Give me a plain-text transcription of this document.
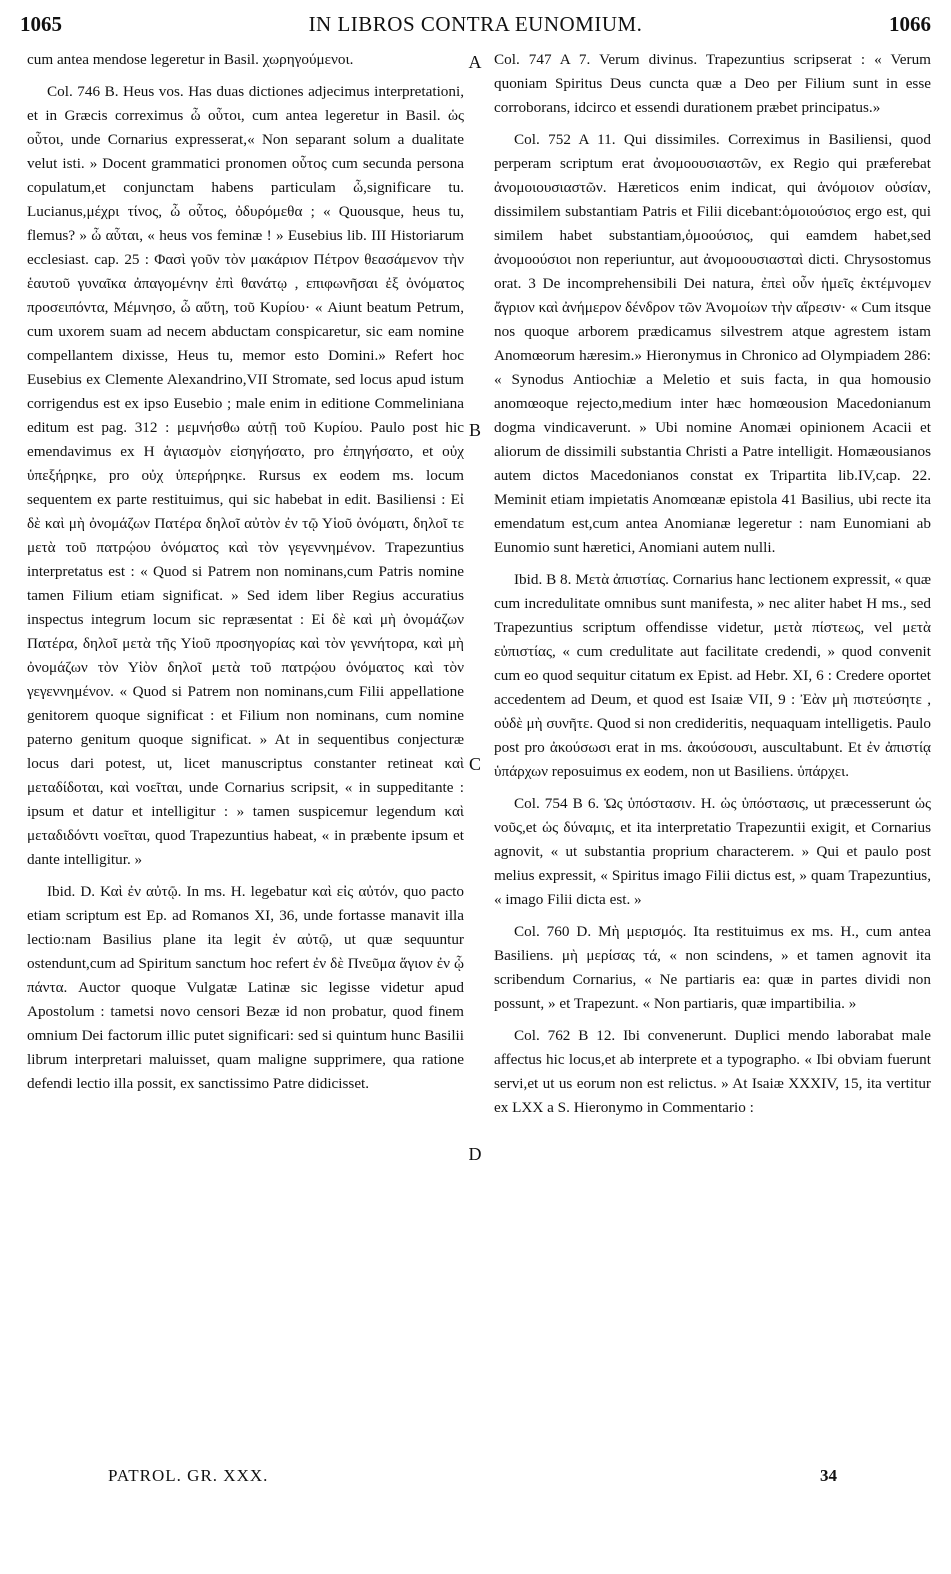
1065	IN LIBROS CONTRA EUNOMIUM.	1066

cum antea mendose legeretur in Basil. χωρηγούμενοι.

Col. 746 B. Heus vos. Has duas dictiones adjecimus interpretationi, et in Græcis correximus ὦ οὗτοι, cum antea legeretur in Basil. ὡς οὗτοι, unde Cornarius expresserat,« Non separant solum a dualitate velut isti. » Docent grammatici pronomen οὗτος cum secunda persona copulatum,et conjunctam habens particulam ὦ,significare tu. Lucianus,μέχρι τίνος, ὦ οὗτος, ὀδυρόμεθα ; « Quousque, heus tu, flemus? » ὦ αὗται, « heus vos feminæ ! » Eusebius lib. III Historiarum ecclesiast. cap. 25 : Φασὶ γοῦν τὸν μακάριον Πέτρον θεασάμενον τὴν ἑαυτοῦ γυναῖκα ἀπαγομένην ἐπὶ θανάτῳ , επιφωνῆσαι ἐξ ὀνόματος προσειπόντα, Μέμνησο, ὦ αὕτη, τοῦ Κυρίου· « Aiunt beatum Petrum, cum uxorem suam ad necem abductam conspicaretur, sic eam nomine compellantem dixisse, Heus tu, memor esto Domini.» Refert hoc Eusebius ex Clemente Alexandrino,VII Stromate, sed locus apud istum corrigendus est ex ipso Eusebio ; male enim in editione Commeliniana editum est pag. 312 : μεμνήσθω αὐτῇ τοῦ Κυρίου. Paulo post hic emendavimus ex H ἁγιασμὸν εἰσηγήσατο, pro ἐπηγήσατο, et οὐχ ὑπεξήρηκε, pro οὐχ ὑπερήρηκε. Rursus ex eodem ms. locum sequentem ex parte restituimus, qui sic habebat in edit. Basiliensi : Εἰ δὲ καὶ μὴ ὀνομάζων Πατέρα δηλοῖ αὐτὸν ἐν τῷ Υἱοῦ ὀνόματι, δηλοῖ τε μετὰ τοῦ πατρῴου ὀνόματος καὶ τὸν γεγεννημένον. Trapezuntius interpretatus est : « Quod si Patrem non nominans,cum Patris nomine tamen Filium etiam significat. » Sed idem liber Regius accuratius inspectus integrum locum sic repræsentat : Εἰ δὲ καὶ μὴ ὀνομάζων Πατέρα, δηλοῖ μετὰ τῆς Υἱοῦ προσηγορίας καὶ τὸν γεννήτορα, καὶ μὴ ὀνομάζων τὸν Υἱὸν δηλοῖ μετὰ τοῦ πατρῴου ὀνόματος καὶ τὸν γεγεννημένον. « Quod si Patrem non nominans,cum Filii appellatione genitorem quoque significat : et Filium non nominans, cum nomine paterno genitum quoque significat. » At in sequentibus conjecturæ locus dari potest, ut, licet manuscriptus constanter retineat καὶ μεταδίδοται, καὶ νοεῖται, unde Cornarius scripsit, « in suppeditante : ipsum et datur et intelligitur : » tamen suspicemur legendum καὶ μεταδιδόντι νοεῖται, quod Trapezuntius habeat, « in præbente ipsum et dante intelligitur. »

Ibid. D. Καὶ ἐν αὐτῷ. In ms. H. legebatur καὶ εἰς αὐτόν, quo pacto etiam scriptum est Ep. ad Romanos XI, 36, unde fortasse manavit illa lectio:nam Basilius plane ita legit ἐν αὐτῷ, ut quæ sequuntur ostendunt,cum ad Spiritum sanctum hoc refert ἐν δὲ Πνεῦμα ἅγιον ἐν ᾧ πάντα. Auctor quoque Vulgatæ Latinæ sic legisse videtur apud Apostolum : tametsi novo censori Bezæ id non probatur, quod finem omnium Dei factorum illic putet significari: sed si quintum hunc Basilii librum interpretari maluisset, quam maligne supprimere, qua ratione defendi lectio illa possit, ex sanctissimo Patre didicisset.

A
B
C
D

Col. 747 A 7. Verum divinus. Trapezuntius scripserat : « Verum quoniam Spiritus Deus cuncta quæ a Deo per Filium sunt in esse corroborans, idcirco et essendi durationem præbet principatus.»

Col. 752 A 11. Qui dissimiles. Correximus in Basiliensi, quod perperam scriptum erat ἀνομοουσιαστῶν, ex Regio qui præferebat ἀνομοιουσιαστῶν. Hæreticos enim indicat, qui ἀνόμοιον οὐσίαν, dissimilem substantiam Patris et Filii dicebant:ὁμοιούσιος ergo est, qui similem habet substantiam,ὁμοούσιος, qui eamdem habet,sed ἀνομοούσιοι non reperiuntur, aut ἀνομοουσιασταὶ dicti. Chrysostomus orat. 3 De incomprehensibili Dei natura, ἐπεὶ οὖν ἡμεῖς ἐκτέμνομεν ἄγριον καὶ ἀνήμερον δένδρον τῶν Ἀνομοίων τὴν αἵρεσιν· « Cum itsque nos quoque arborem prædicamus silvestrem atque agrestem istam Anomœorum hæresim.» Hieronymus in Chronico ad Olympiadem 286: « Synodus Antiochiæ a Meletio et suis facta, in qua homousio anomœoque rejecto,medium inter hæc homœousion Macedonianum dogma vindicaverunt. » Ubi nomine Anomæi opinionem Acacii et aliorum de dissimili substantia Christi a Patre intelligit. Homæousianos autem dictos Macedonianos constat ex Tripartita lib.IV,cap. 22. Meminit etiam impietatis Anomœanæ epistola 41 Basilius, ubi recte ita emendatum est,cum antea Anomianæ legeretur : nam Eunomiani ab Eunomio sunt hæretici, Anomiani autem nulli.

Ibid. B 8. Μετὰ ἀπιστίας. Cornarius hanc lectionem expressit, « quæ cum incredulitate omnibus sunt manifesta, » nec aliter habet H ms., sed Trapezuntius scriptum offendisse videtur, μετὰ πίστεως, vel μετὰ εὐπιστίας, « cum credulitate aut facilitate credendi, » quod convenit cum eo quod sequitur citatum ex Epist. ad Hebr. XI, 6 : Credere oportet accedentem ad Deum, et quod est Isaiæ VII, 9 : Ἐὰν μὴ πιστεύσητε , οὐδὲ μὴ συνῆτε. Quod si non credideritis, nequaquam intelligetis. Paulo post pro ἀκούσωσι erat in ms. ἀκούσουσι, auscultabunt. Et ἐν ἀπιστίᾳ ὑπάρχων reposuimus ex eodem, non ut Basiliens. ὑπάρχει.

Col. 754 B 6. Ὡς ὑπόστασιν. H. ὡς ὑπόστασις, ut præcesserunt ὡς νοῦς,et ὡς δύναμις, et ita interpretatio Trapezuntii exigit, et Cornarius agnovit, « ut substantia proprium characterem. » Qui et paulo post melius expressit, « Spiritus imago Filii dictus est, » quam Trapezuntius, « imago Filii dicta est. »

Col. 760 D. Μὴ μερισμός. Ita restituimus ex ms. H., cum antea Basiliens. μὴ μερίσας τά, « non scindens, » et tamen agnovit ita scribendum Cornarius, « Ne partiaris ea: quæ in partes dividi non possunt, » et Trapezunt. « Non partiaris, quæ impartibilia. »

Col. 762 B 12. Ibi convenerunt. Duplici mendo laborabat male affectus hic locus,et ab interprete et a typographo. « Ibi obviam fuerunt servi,et ut us eorum non est relictus. » At Isaiæ XXXIV, 15, ita vertitur ex LXX a S. Hieronymo in Commentario :

PATROL. GR. XXX.	34
